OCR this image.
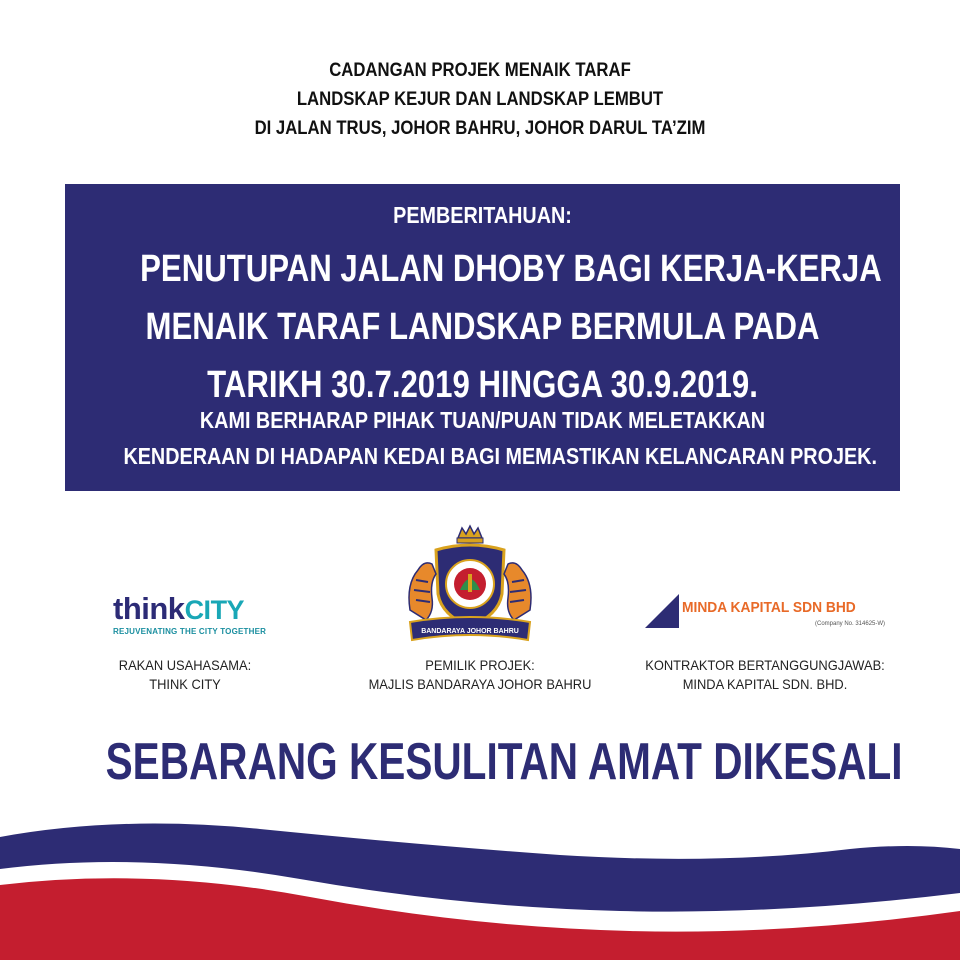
CADANGAN PROJEK MENAIK TARAF
LANDSKAP KEJUR DAN LANDSKAP LEMBUT
DI JALAN TRUS, JOHOR BAHRU, JOHOR DARUL TA’ZIM
PEMBERITAHUAN:
PENUTUPAN JALAN DHOBY BAGI KERJA-KERJA
MENAIK TARAF LANDSKAP BERMULA PADA
TARIKH 30.7.2019 HINGGA 30.9.2019.
KAMI BERHARAP PIHAK TUAN/PUAN TIDAK MELETAKKAN
KENDERAAN DI HADAPAN KEDAI BAGI MEMASTIKAN KELANCARAN PROJEK.
thinkCITY
REJUVENATING THE CITY TOGETHER
RAKAN USAHASAMA:
THINK CITY
BANDARAYA JOHOR BAHRU
PEMILIK PROJEK:
MAJLIS BANDARAYA JOHOR BAHRU
MINDA KAPITAL SDN BHD
(Company No. 314625-W)
KONTRAKTOR BERTANGGUNGJAWAB:
MINDA KAPITAL SDN. BHD.
SEBARANG KESULITAN AMAT DIKESALI
